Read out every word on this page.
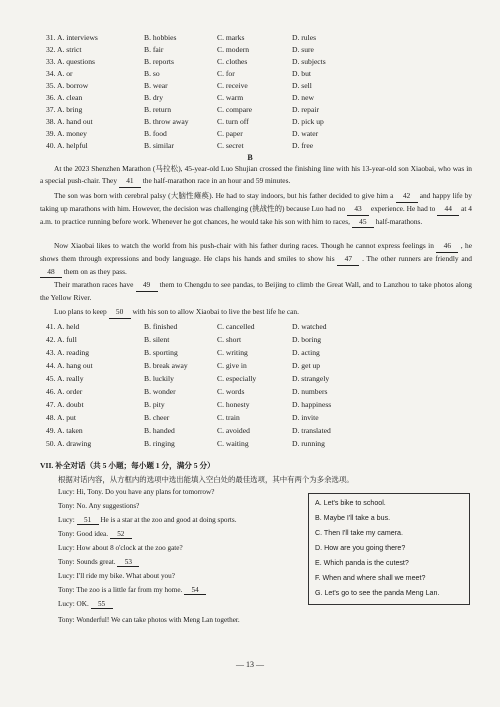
31. A. interviews	B. hobbies	C. marks	D. rules
32. A. strict	B. fair	C. modern	D. sure
33. A. questions	B. reports	C. clothes	D. subjects
34. A. or	B. so	C. for	D. but
35. A. borrow	B. wear	C. receive	D. sell
36. A. clean	B. dry	C. warm	D. new
37. A. bring	B. return	C. compare	D. repair
38. A. hand out	B. throw away	C. turn off	D. pick up
39. A. money	B. food	C. paper	D. water
40. A. helpful	B. similar	C. secret	D. free
B
At the 2023 Shenzhen Marathon (马拉松), 45-year-old Luo Shujian crossed the finishing line with his 13-year-old son Xiaobai, who was in a special push-chair. They 41 the half-marathon race in an hour and 59 minutes.
The son was born with cerebral palsy (大脑性瘫痪). He had to stay indoors, but his father decided to give him a 42 and happy life by taking up marathons with him. However, the decision was challenging (挑战性的) because Luo had no 43 experience. He had to 44 at 4 a.m. to practice running before work. Whenever he got chances, he would take his son with him to races, 45 half-marathons.
Now Xiaobai likes to watch the world from his push-chair with his father during races. Though he cannot express feelings in 46 , he shows them through expressions and body language. He claps his hands and smiles to show his 47 . The other runners are friendly and 48 them on as they pass.
Their marathon races have 49 them to Chengdu to see pandas, to Beijing to climb the Great Wall, and to Lanzhou to take photos along the Yellow River.
Luo plans to keep 50 with his son to allow Xiaobai to live the best life he can.
41. A. held	B. finished	C. cancelled	D. watched
42. A. full	B. silent	C. short	D. boring
43. A. reading	B. sporting	C. writing	D. acting
44. A. hang out	B. break away	C. give in	D. get up
45. A. really	B. luckily	C. especially	D. strangely
46. A. order	B. wonder	C. words	D. numbers
47. A. doubt	B. pity	C. honesty	D. happiness
48. A. put	B. cheer	C. train	D. invite
49. A. taken	B. handed	C. avoided	D. translated
50. A. drawing	B. ringing	C. waiting	D. running
VII. 补全对话（共 5 小题；每小题 1 分，满分 5 分）
根据对话内容，从方框内的选项中选出能填入空白处的最佳选项，其中有两个为多余选项。
Lucy: Hi, Tony. Do you have any plans for tomorrow?
Tony: No. Any suggestions?
Lucy: 51 He is a star at the zoo and good at doing sports.
Tony: Good idea. 52
Lucy: How about 8 o'clock at the zoo gate?
Tony: Sounds great. 53
Lucy: I'll ride my bike. What about you?
Tony: The zoo is a little far from my home. 54
Lucy: OK. 55
Tony: Wonderful! We can take photos with Meng Lan together.
A. Let's bike to school.
B. Maybe I'll take a bus.
C. Then I'll take my camera.
D. How are you going there?
E. Which panda is the cutest?
F. When and where shall we meet?
G. Let's go to see the panda Meng Lan.
— 13 —
